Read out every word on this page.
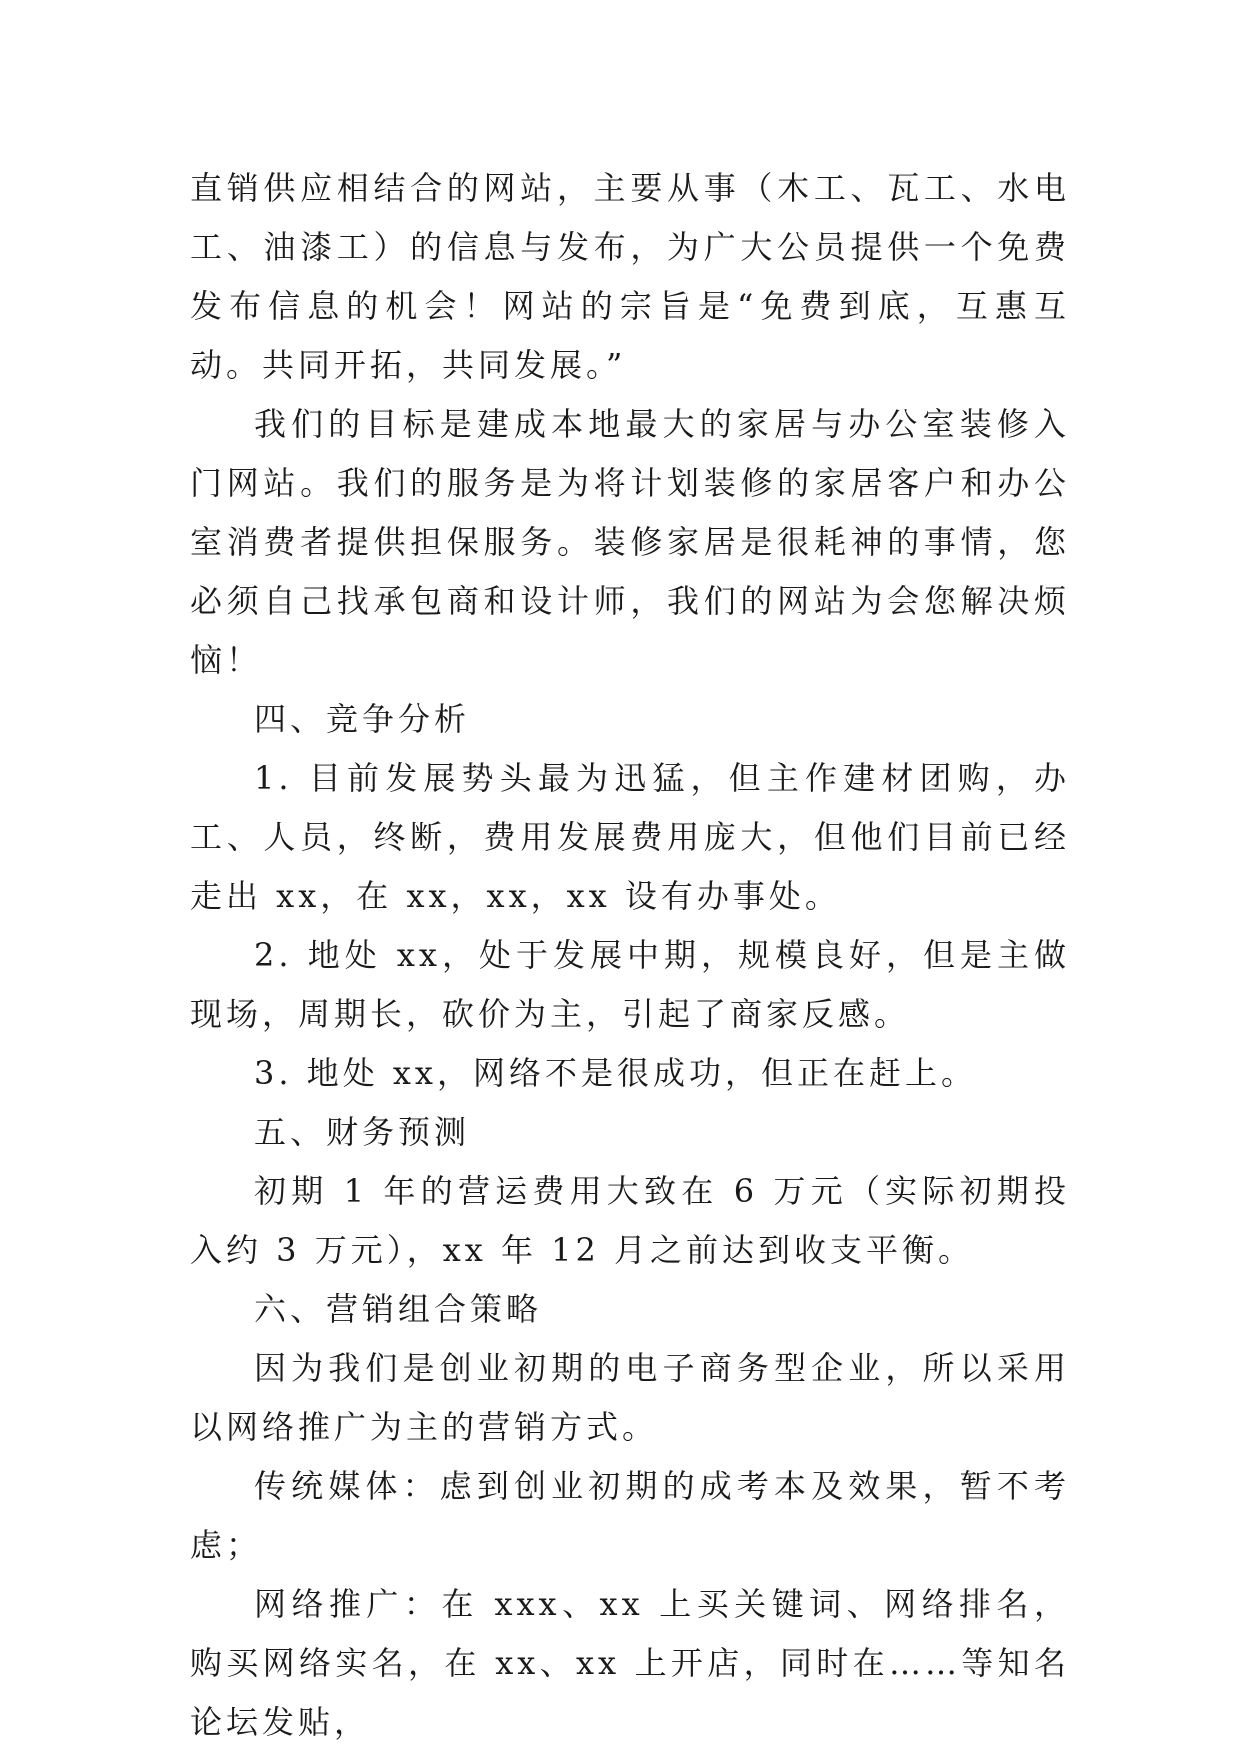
直销供应相结合的网站，主要从事（木工、瓦工、水电工、油漆工）的信息与发布，为广大公员提供一个免费发布信息的机会！网站的宗旨是“免费到底，互惠互动。共同开拓，共同发展。”

我们的目标是建成本地最大的家居与办公室装修入门网站。我们的服务是为将计划装修的家居客户和办公室消费者提供担保服务。装修家居是很耗神的事情，您必须自己找承包商和设计师，我们的网站为会您解决烦恼！

四、竞争分析

1. 目前发展势头最为迅猛，但主作建材团购，办工、人员，终断，费用发展费用庞大，但他们目前已经走出 xx，在 xx，xx，xx 设有办事处。

2. 地处 xx，处于发展中期，规模良好，但是主做现场，周期长，砍价为主，引起了商家反感。

3. 地处 xx，网络不是很成功，但正在赶上。

五、财务预测

初期 1 年的营运费用大致在 6 万元（实际初期投入约 3 万元），xx 年 12 月之前达到收支平衡。

六、营销组合策略

因为我们是创业初期的电子商务型企业，所以采用以网络推广为主的营销方式。

传统媒体：虑到创业初期的成考本及效果，暂不考虑；

网络推广：在 xxx、xx 上买关键词、网络排名，购买网络实名，在 xx、xx 上开店，同时在……等知名论坛发贴，
